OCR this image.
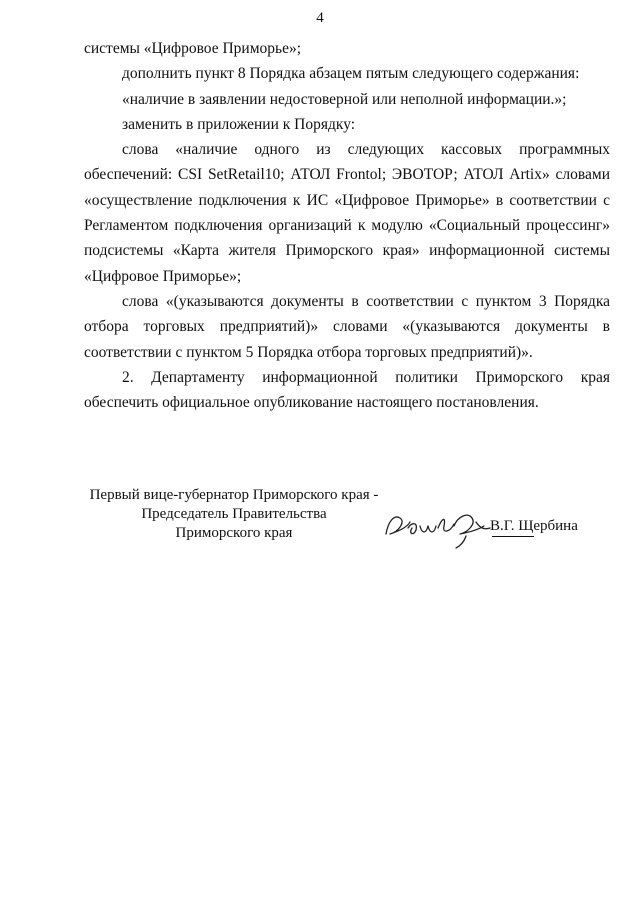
4

системы «Цифровое Приморье»;

дополнить пункт 8 Порядка абзацем пятым следующего содержания:

«наличие в заявлении недостоверной или неполной информации.»;

заменить в приложении к Порядку:

слова «наличие одного из следующих кассовых программных обеспечений: CSI SetRetail10; АТОЛ Frontol; ЭВОТОР; АТОЛ Artix» словами «осуществление подключения к ИС «Цифровое Приморье» в соответствии с Регламентом подключения организаций к модулю «Социальный процессинг» подсистемы «Карта жителя Приморского края» информационной системы «Цифровое Приморье»;

слова «(указываются документы в соответствии с пунктом 3 Порядка отбора торговых предприятий)» словами «(указываются документы в соответствии с пунктом 5 Порядка отбора торговых предприятий)».

2. Департаменту информационной политики Приморского края обеспечить официальное опубликование настоящего постановления.

Первый вице-губернатор Приморского края -
Председатель Правительства
Приморского края	В.Г. Щербина
